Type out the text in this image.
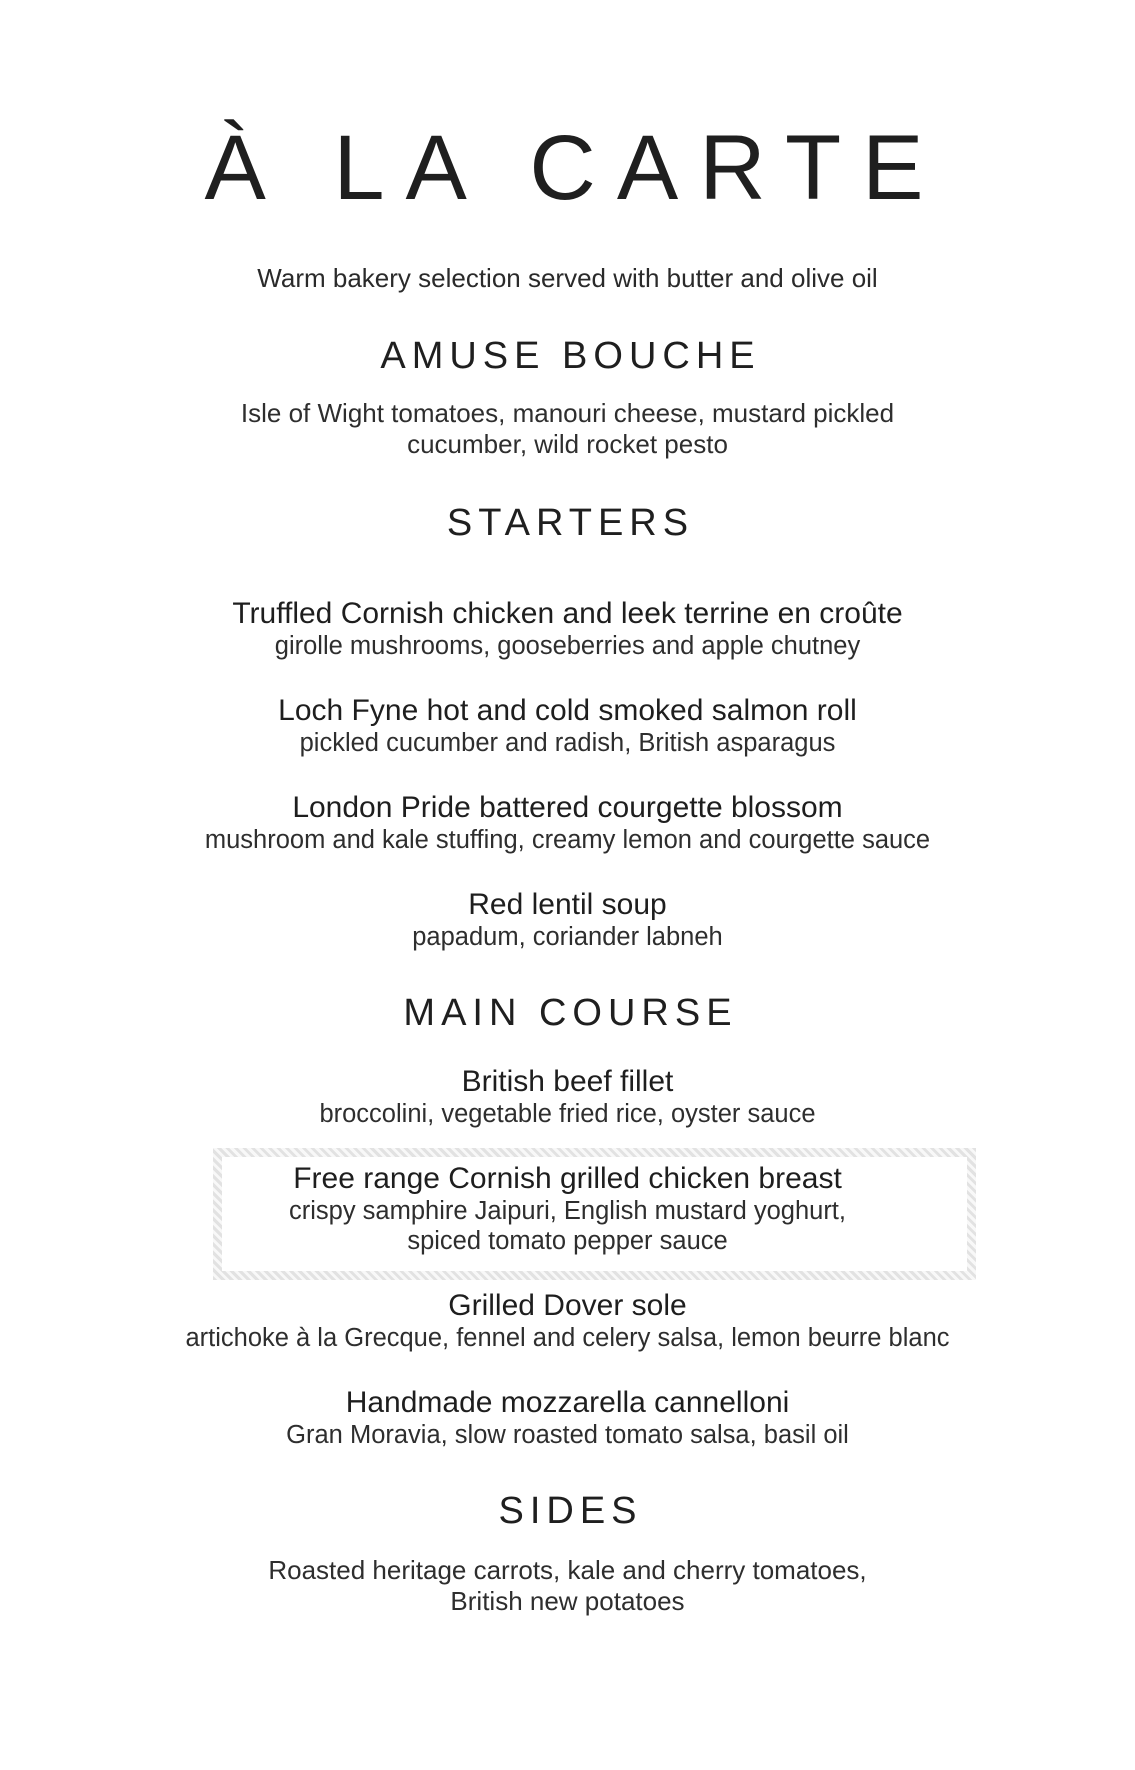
À LA CARTE
Warm bakery selection served with butter and olive oil
AMUSE BOUCHE
Isle of Wight tomatoes, manouri cheese, mustard pickled
cucumber, wild rocket pesto
STARTERS
Truffled Cornish chicken and leek terrine en croûte
girolle mushrooms, gooseberries and apple chutney
Loch Fyne hot and cold smoked salmon roll
pickled cucumber and radish, British asparagus
London Pride battered courgette blossom
mushroom and kale stuffing, creamy lemon and courgette sauce
Red lentil soup
papadum, coriander labneh
MAIN COURSE
British beef fillet
broccolini, vegetable fried rice, oyster sauce
Free range Cornish grilled chicken breast
crispy samphire Jaipuri, English mustard yoghurt,
spiced tomato pepper sauce
Grilled Dover sole
artichoke à la Grecque, fennel and celery salsa, lemon beurre blanc
Handmade mozzarella cannelloni
Gran Moravia, slow roasted tomato salsa, basil oil
SIDES
Roasted heritage carrots, kale and cherry tomatoes,
British new potatoes
